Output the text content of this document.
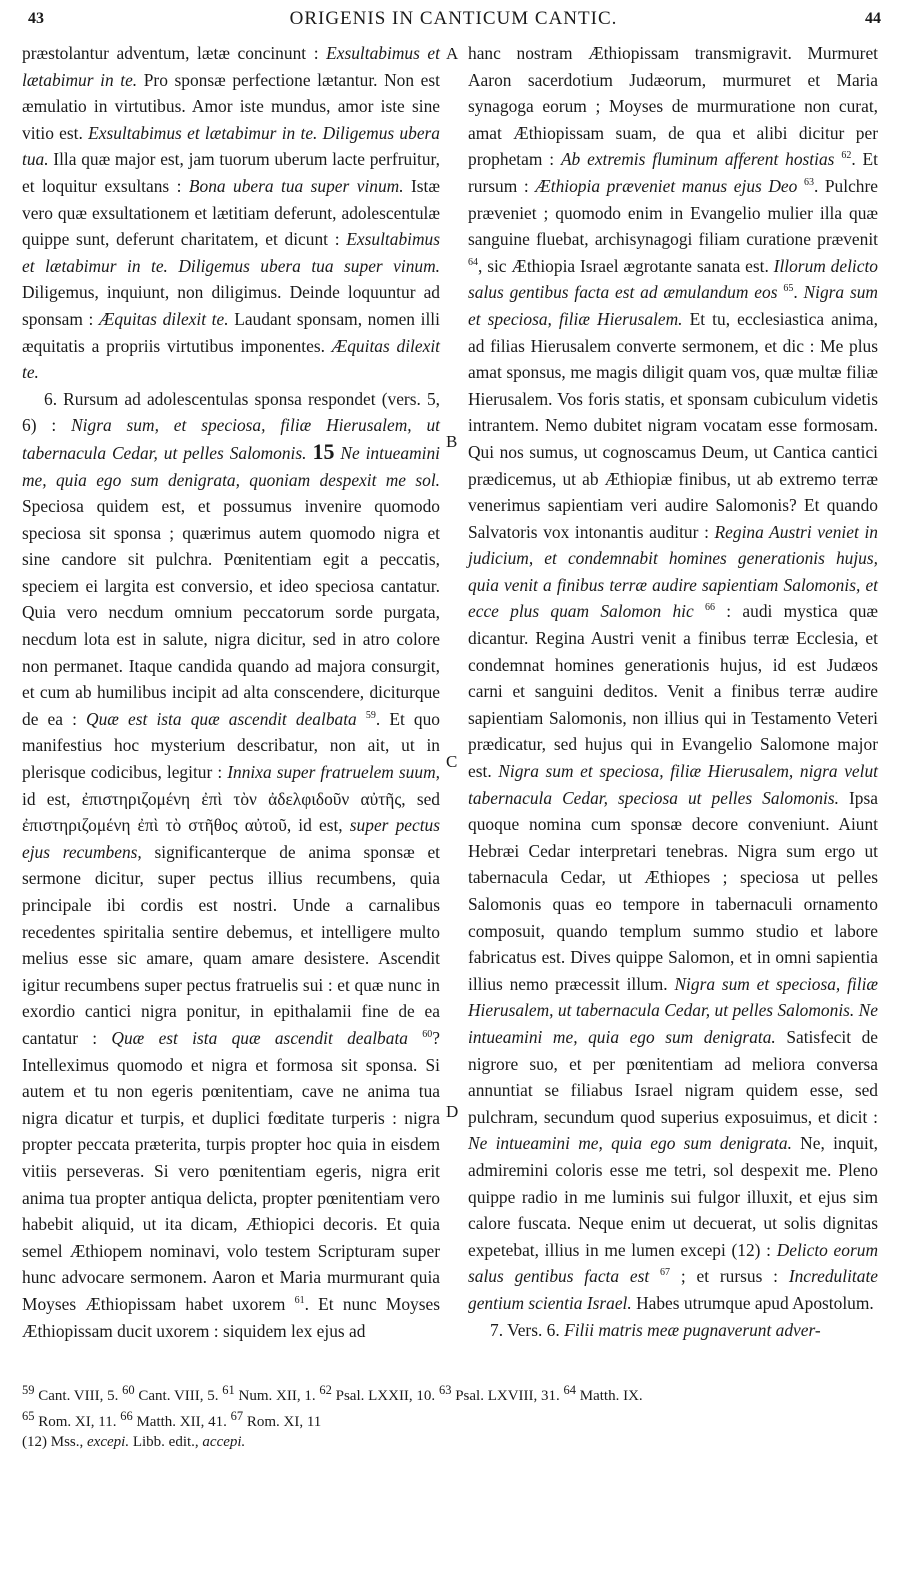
43	ORIGENIS IN CANTICUM CANTIC.	44

præstolantur adventum, lætæ concinunt : Exsultabimus et lætabimur in te. Pro sponsæ perfectione lætantur. Non est æmulatio in virtutibus. Amor iste mundus, amor iste sine vitio est. Exsultabimus et lætabimur in te. Diligemus ubera tua. Illa quæ major est, jam tuorum uberum lacte perfruitur, et loquitur exsultans : Bona ubera tua super vinum. Istæ vero quæ exsultationem et lætitiam deferunt, adolescentulæ quippe sunt, deferunt charitatem, et dicunt : Exsultabimus et lætabimur in te. Diligemus ubera tua super vinum. Diligemus, inquiunt, non diligimus. Deinde loquuntur ad sponsam : Æquitas dilexit te. Laudant sponsam, nomen illi æquitatis a propriis virtutibus imponentes. Æquitas dilexit te.

6. Rursum ad adolescentulas sponsa respondet (vers. 5, 6) : Nigra sum, et speciosa, filiæ Hierusalem, ut tabernacula Cedar, ut pelles Salomonis. 15 Ne intueamini me, quia ego sum denigrata, quoniam despexit me sol. Speciosa quidem est, et possumus invenire quomodo speciosa sit sponsa ; quærimus autem quomodo nigra et sine candore sit pulchra. Pœnitentiam egit a peccatis, speciem ei largita est conversio, et ideo speciosa cantatur. Quia vero necdum omnium peccatorum sorde purgata, necdum lota est in salute, nigra dicitur, sed in atro colore non permanet. Itaque candida quando ad majora consurgit, et cum ab humilibus incipit ad alta conscendere, diciturque de ea : Quæ est ista quæ ascendit dealbata $^{59}$. Et quo manifestius hoc mysterium describatur, non ait, ut in plerisque codicibus, legitur : Innixa super fratruelem suum, id est, ἐπιστηριζομένη ἐπὶ τὸν ἀδελφιδοῦν αὐτῆς, sed ἐπιστηριζομένη ἐπὶ τὸ στῆθος αὐτοῦ, id est, super pectus ejus recumbens, significanterque de anima sponsæ et sermone dicitur, super pectus illius recumbens, quia principale ibi cordis est nostri. Unde a carnalibus recedentes spiritalia sentire debemus, et intelligere multo melius esse sic amare, quam amare desistere. Ascendit igitur recumbens super pectus fratruelis sui : et quæ nunc in exordio cantici nigra ponitur, in epithalamii fine de ea cantatur : Quæ est ista quæ ascendit dealbata $^{60}$? Intelleximus quomodo et nigra et formosa sit sponsa. Si autem et tu non egeris pœnitentiam, cave ne anima tua nigra dicatur et turpis, et duplici fœditate turperis : nigra propter peccata præterita, turpis propter hoc quia in eisdem vitiis perseveras. Si vero pœnitentiam egeris, nigra erit anima tua propter antiqua delicta, propter pœnitentiam vero habebit aliquid, ut ita dicam, Æthiopici decoris. Et quia semel Æthiopem nominavi, volo testem Scripturam super hunc advocare sermonem. Aaron et Maria murmurant quia Moyses Æthiopissam habet uxorem $^{61}$. Et nunc Moyses Æthiopissam ducit uxorem : siquidem lex ejus ad

A
B
C
D

hanc nostram Æthiopissam transmigravit. Murmuret Aaron sacerdotium Judæorum, murmuret et Maria synagoga eorum ; Moyses de murmuratione non curat, amat Æthiopissam suam, de qua et alibi dicitur per prophetam : Ab extremis fluminum afferent hostias $^{62}$. Et rursum : Æthiopia præveniet manus ejus Deo $^{63}$. Pulchre præveniet ; quomodo enim in Evangelio mulier illa quæ sanguine fluebat, archisynagogi filiam curatione prævenit $^{64}$, sic Æthiopia Israel ægrotante sanata est. Illorum delicto salus gentibus facta est ad æmulandum eos $^{65}$. Nigra sum et speciosa, filiæ Hierusalem. Et tu, ecclesiastica anima, ad filias Hierusalem converte sermonem, et dic : Me plus amat sponsus, me magis diligit quam vos, quæ multæ filiæ Hierusalem. Vos foris statis, et sponsam cubiculum videtis intrantem. Nemo dubitet nigram vocatam esse formosam. Qui nos sumus, ut cognoscamus Deum, ut Cantica cantici prædicemus, ut ab Æthiopiæ finibus, ut ab extremo terræ venerimus sapientiam veri audire Salomonis? Et quando Salvatoris vox intonantis auditur : Regina Austri veniet in judicium, et condemnabit homines generationis hujus, quia venit a finibus terræ audire sapientiam Salomonis, et ecce plus quam Salomon hic $^{66}$ : audi mystica quæ dicantur. Regina Austri venit a finibus terræ Ecclesia, et condemnat homines generationis hujus, id est Judæos carni et sanguini deditos. Venit a finibus terræ audire sapientiam Salomonis, non illius qui in Testamento Veteri prædicatur, sed hujus qui in Evangelio Salomone major est. Nigra sum et speciosa, filiæ Hierusalem, nigra velut tabernacula Cedar, speciosa ut pelles Salomonis. Ipsa quoque nomina cum sponsæ decore conveniunt. Aiunt Hebræi Cedar interpretari tenebras. Nigra sum ergo ut tabernacula Cedar, ut Æthiopes ; speciosa ut pelles Salomonis quas eo tempore in tabernaculi ornamento composuit, quando templum summo studio et labore fabricatus est. Dives quippe Salomon, et in omni sapientia illius nemo præcessit illum. Nigra sum et speciosa, filiæ Hierusalem, ut tabernacula Cedar, ut pelles Salomonis. Ne intueamini me, quia ego sum denigrata. Satisfecit de nigrore suo, et per pœnitentiam ad meliora conversa annuntiat se filiabus Israel nigram quidem esse, sed pulchram, secundum quod superius exposuimus, et dicit : Ne intueamini me, quia ego sum denigrata. Ne, inquit, admiremini coloris esse me tetri, sol despexit me. Pleno quippe radio in me luminis sui fulgor illuxit, et ejus sim calore fuscata. Neque enim ut decuerat, ut solis dignitas expetebat, illius in me lumen excepi (12) : Delicto eorum salus gentibus facta est $^{67}$ ; et rursus : Incredulitate gentium scientia Israel. Habes utrumque apud Apostolum.

7. Vers. 6. Filii matris meæ pugnaverunt adver-

$^{59}$ Cant. VIII, 5. $^{60}$ Cant. VIII, 5. $^{61}$ Num. XII, 1. $^{62}$ Psal. LXXII, 10. $^{63}$ Psal. LXVIII, 31. $^{64}$ Matth. IX.
$^{65}$ Rom. XI, 11. $^{66}$ Matth. XII, 41. $^{67}$ Rom. XI, 11
(12) Mss., excepi. Libb. edit., accepi.
